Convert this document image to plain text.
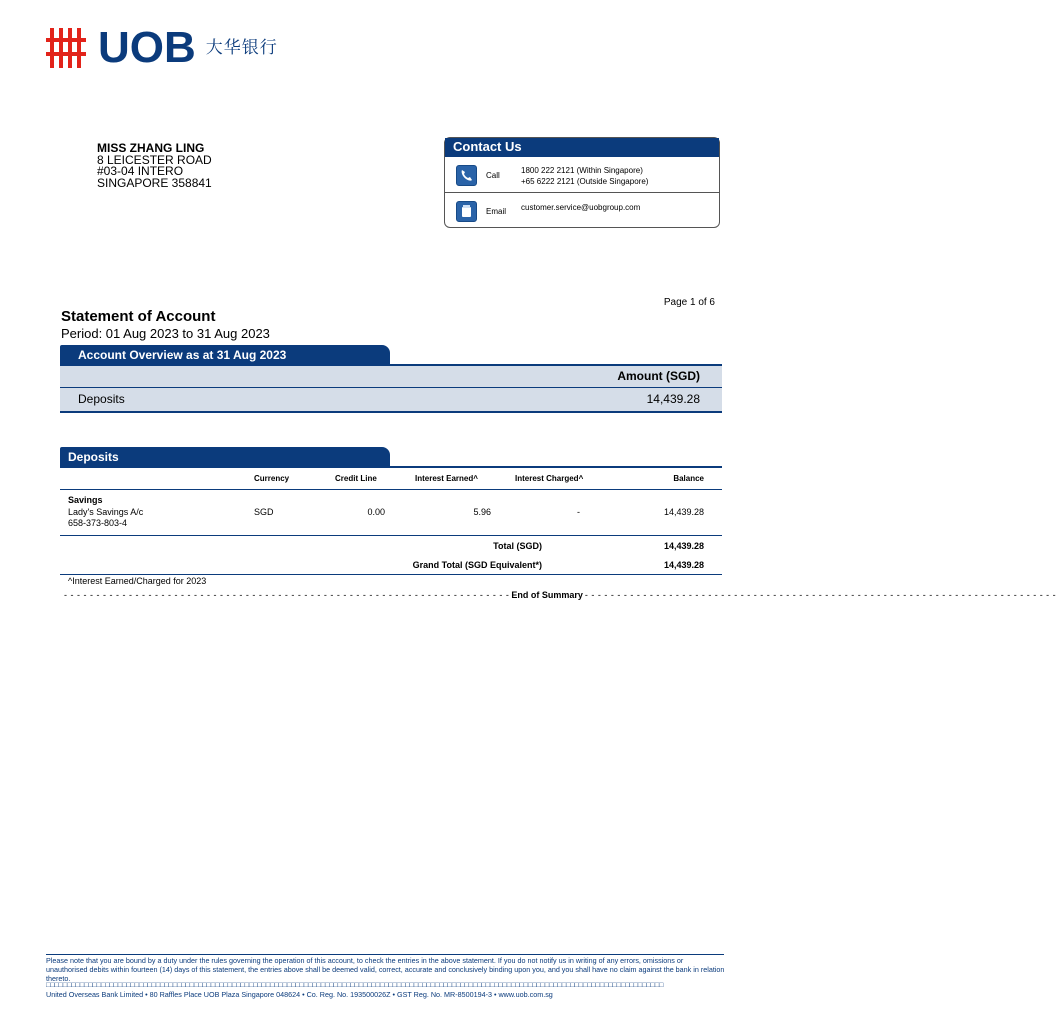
UOB 大华银行
MISS ZHANG LING
8 LEICESTER ROAD
#03-04 INTERO
SINGAPORE 358841
Contact Us
Call
1800 222 2121 (Within Singapore)
+65 6222 2121 (Outside Singapore)
Email customer.service@uobgroup.com
Page 1 of 6
Statement of Account
Period: 01 Aug 2023 to 31 Aug 2023
Account Overview as at 31 Aug 2023
Amount (SGD)
Deposits	14,439.28
Deposits
Currency	Credit Line	Interest Earned^	Interest Charged^	Balance
Savings
Lady's Savings A/c
658-373-803-4
SGD	0.00	5.96	-	14,439.28
Total (SGD)	14,439.28
Grand Total (SGD Equivalent*)	14,439.28
^Interest Earned/Charged for 2023
- - - - - - - - - - - - - - - - - - - - - - - - - - - - - - - - - - - - - - - - - - - - - - - - - - - - - - - - - - - - - - - - - - - - - End of Summary - - - - - - - - - - - - - - - - - - - - - - - - - - - - - - - - - - - - - - - - - - - - - - - - - - - - - - - - - - - - - - - - - - - - - - - - -
Please note that you are bound by a duty under the rules governing the operation of this account, to check the entries in the above statement. If you do not notify us in writing of any errors, omissions or unauthorised debits within fourteen (14) days of this statement, the entries above shall be deemed valid, correct, accurate and conclusively binding upon you, and you shall have no claim against the bank in relation thereto.
□□□□□□□□□□□□□□□□□□□□□□□□□□□□□□□□□□□□□□□□□□□□□□□□□□□□□□□□□□□□□□□□□□□□□□□□□□□□□□□□□□□□□□□□□□□□□□□□□□□□□□□□□□□□□□□□□□□□□□□□□□□□□□□□□□□□□□□□□□□□□□□□□□
United Overseas Bank Limited • 80 Raffles Place UOB Plaza Singapore 048624 • Co. Reg. No. 193500026Z • GST Reg. No. MR-8500194-3 • www.uob.com.sg
